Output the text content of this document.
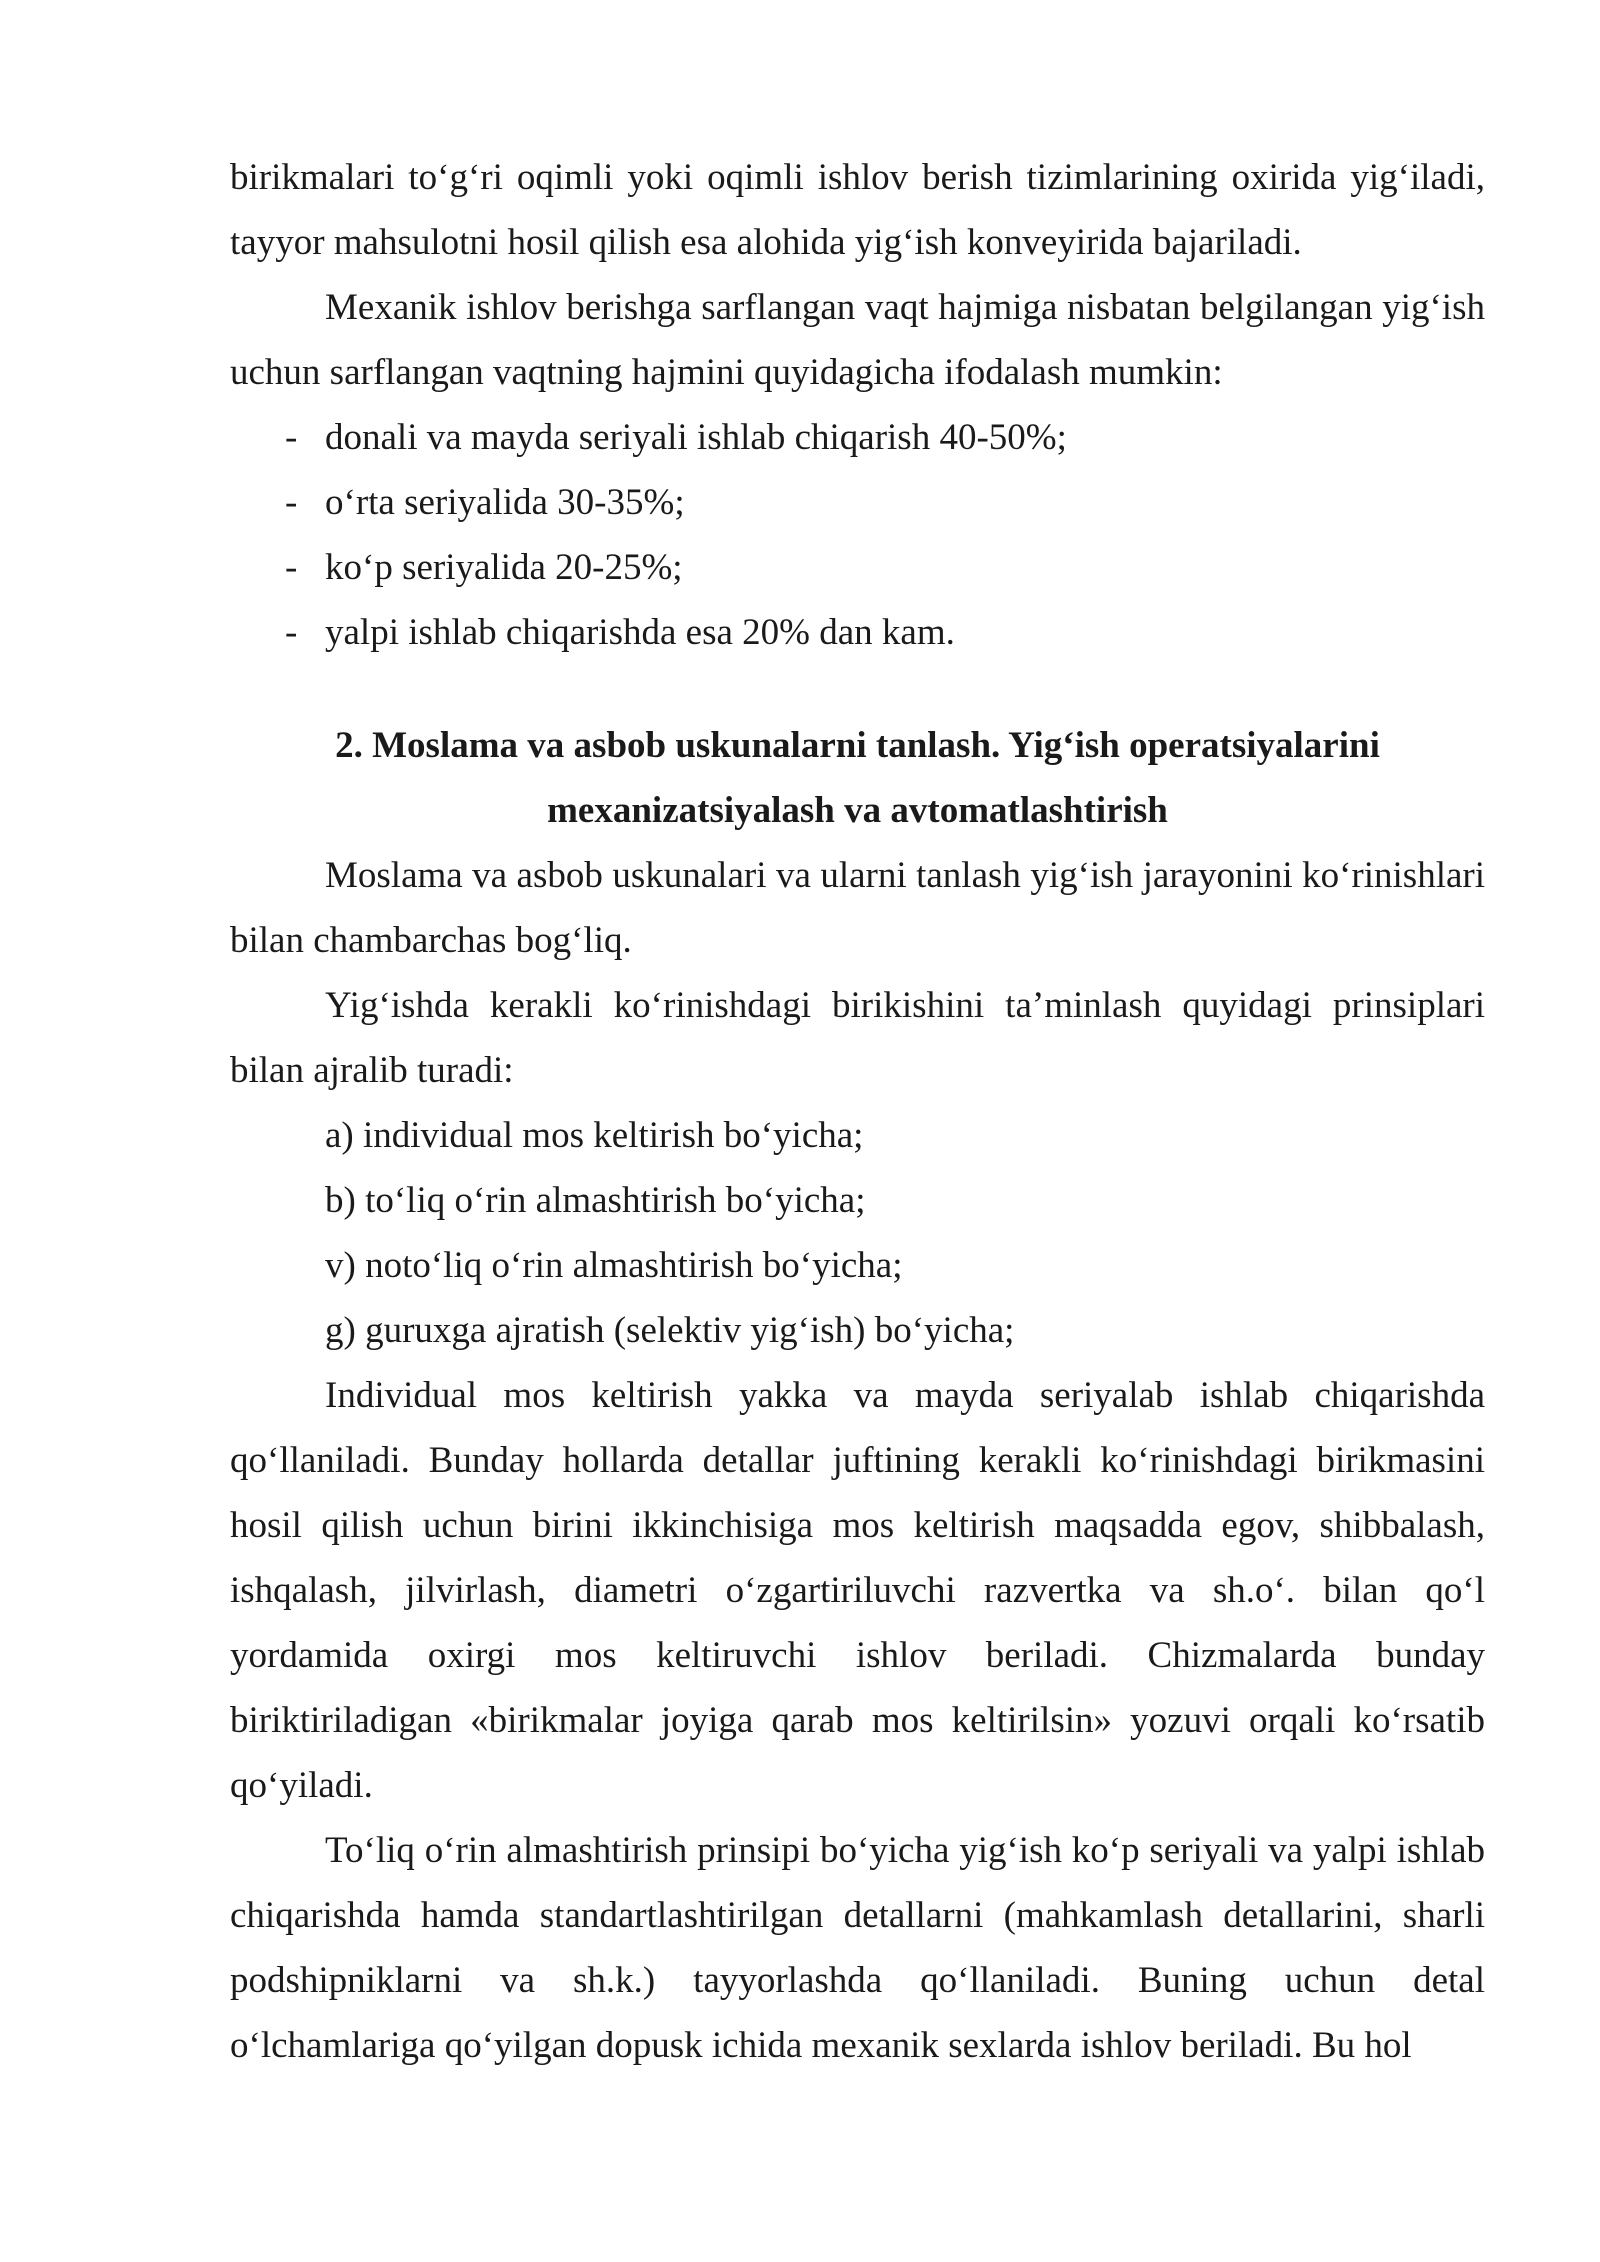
birikmalari to‘g‘ri oqimli yoki oqimli ishlov berish tizimlarining oxirida yig‘iladi, tayyor mahsulotni hosil qilish esa alohida yig‘ish konveyirida bajariladi.

Mexanik ishlov berishga sarflangan vaqt hajmiga nisbatan belgilangan yig‘ish uchun sarflangan vaqtning hajmini quyidagicha ifodalash mumkin:

- donali va mayda seriyali ishlab chiqarish 40-50%;
- o‘rta seriyalida 30-35%;
- ko‘p seriyalida 20-25%;
- yalpi ishlab chiqarishda esa 20% dan kam.
2. Moslama va asbob uskunalarni tanlash. Yig‘ish operatsiyalarini
mexanizatsiyalash va avtomatlashtirish

Moslama va asbob uskunalari va ularni tanlash yig‘ish jarayonini ko‘rinishlari bilan chambarchas bog‘liq.

Yig‘ishda kerakli ko‘rinishdagi birikishini ta’minlash quyidagi prinsiplari bilan ajralib turadi:

a) individual mos keltirish bo‘yicha;

b) to‘liq o‘rin almashtirish bo‘yicha;

v) noto‘liq o‘rin almashtirish bo‘yicha;

g) guruxga ajratish (selektiv yig‘ish) bo‘yicha;

Individual mos keltirish yakka va mayda seriyalab ishlab chiqarishda qo‘llaniladi. Bunday hollarda detallar juftining kerakli ko‘rinishdagi birikmasini hosil qilish uchun birini ikkinchisiga mos keltirish maqsadda egov, shibbalash, ishqalash, jilvirlash, diametri o‘zgartiriluvchi razvertka va sh.o‘. bilan qo‘l yordamida oxirgi mos keltiruvchi ishlov beriladi. Chizmalarda bunday biriktiriladigan «birikmalar joyiga qarab mos keltirilsin» yozuvi orqali ko‘rsatib qo‘yiladi.

To‘liq o‘rin almashtirish prinsipi bo‘yicha yig‘ish ko‘p seriyali va yalpi ishlab chiqarishda hamda standartlashtirilgan detallarni (mahkamlash detallarini, sharli podshipniklarni va sh.k.) tayyorlashda qo‘llaniladi. Buning uchun detal o‘lchamlariga qo‘yilgan dopusk ichida mexanik sexlarda ishlov beriladi. Bu hol
